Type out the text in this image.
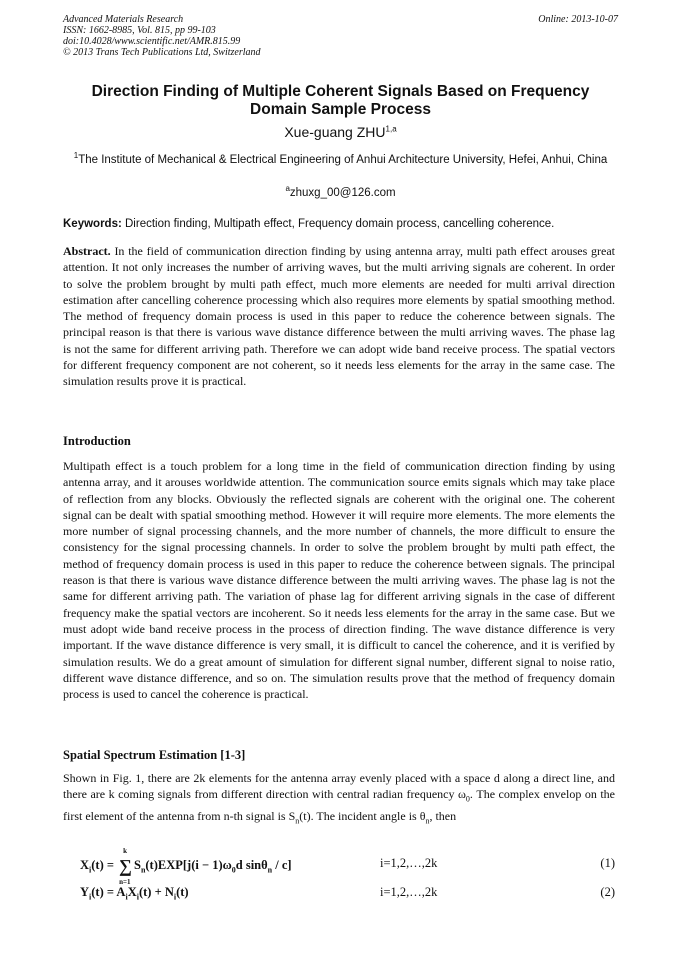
Advanced Materials Research
ISSN: 1662-8985, Vol. 815, pp 99-103
doi:10.4028/www.scientific.net/AMR.815.99
© 2013 Trans Tech Publications Ltd, Switzerland
Online: 2013-10-07
Direction Finding of Multiple Coherent Signals Based on Frequency Domain Sample Process
Xue-guang ZHU$^{1,a}$
$^1$The Institute of Mechanical & Electrical Engineering of Anhui Architecture University, Hefei, Anhui, China
$^a$zhuxg_00@126.com
Keywords: Direction finding, Multipath effect, Frequency domain process, cancelling coherence.
Abstract. In the field of communication direction finding by using antenna array, multi path effect arouses great attention. It not only increases the number of arriving waves, but the multi arriving signals are coherent. In order to solve the problem brought by multi path effect, much more elements are needed for multi arrival direction estimation after cancelling coherence processing which also requires more elements by spatial smoothing method. The method of frequency domain process is used in this paper to reduce the coherence between signals. The principal reason is that there is various wave distance difference between the multi arriving waves. The phase lag is not the same for different arriving path. Therefore we can adopt wide band receive process. The spatial vectors for different frequency component are not coherent, so it needs less elements for the array in the same case. The simulation results prove it is practical.
Introduction
Multipath effect is a touch problem for a long time in the field of communication direction finding by using antenna array, and it arouses worldwide attention. The communication source emits signals which may take place of reflection from any blocks. Obviously the reflected signals are coherent with the original one. The coherent signal can be dealt with spatial smoothing method. However it will require more elements. The more elements the more number of signal processing channels, and the more number of channels, the more difficult to ensure the consistency for the signal processing channels. In order to solve the problem brought by multi path effect, the method of frequency domain process is used in this paper to reduce the coherence between signals. The principal reason is that there is various wave distance difference between the multi arriving waves. The phase lag is not the same for different arriving path. The variation of phase lag for different arriving signals in the case of different frequency make the spatial vectors are incoherent. So it needs less elements for the array in the same case. But we must adopt wide band receive process in the process of direction finding. The wave distance difference is very important. If the wave distance difference is very small, it is difficult to cancel the coherence, and it is verified by simulation results. We do a great amount of simulation for different signal number, different signal to noise ratio, different wave distance difference, and so on. The simulation results prove that the method of frequency domain process is used to cancel the coherence is practical.
Spatial Spectrum Estimation [1-3]
Shown in Fig. 1, there are 2k elements for the antenna array evenly placed with a space d along a direct line, and there are k coming signals from different direction with central radian frequency $\omega_0$. The complex envelop on the first element of the antenna from n-th signal is $S_n(t)$. The incident angle is $\theta_n$, then
$X_i(t)$ = ∑
k
n=1
$S_n(t)EXP[j(i - 1)\omega_0d$ sinθ$_n$ / c]	i=1,2,…,2k	(1)
$Y_i(t) = A_iX_i(t) + N_i(t)$	i=1,2,…,2k	(2)
